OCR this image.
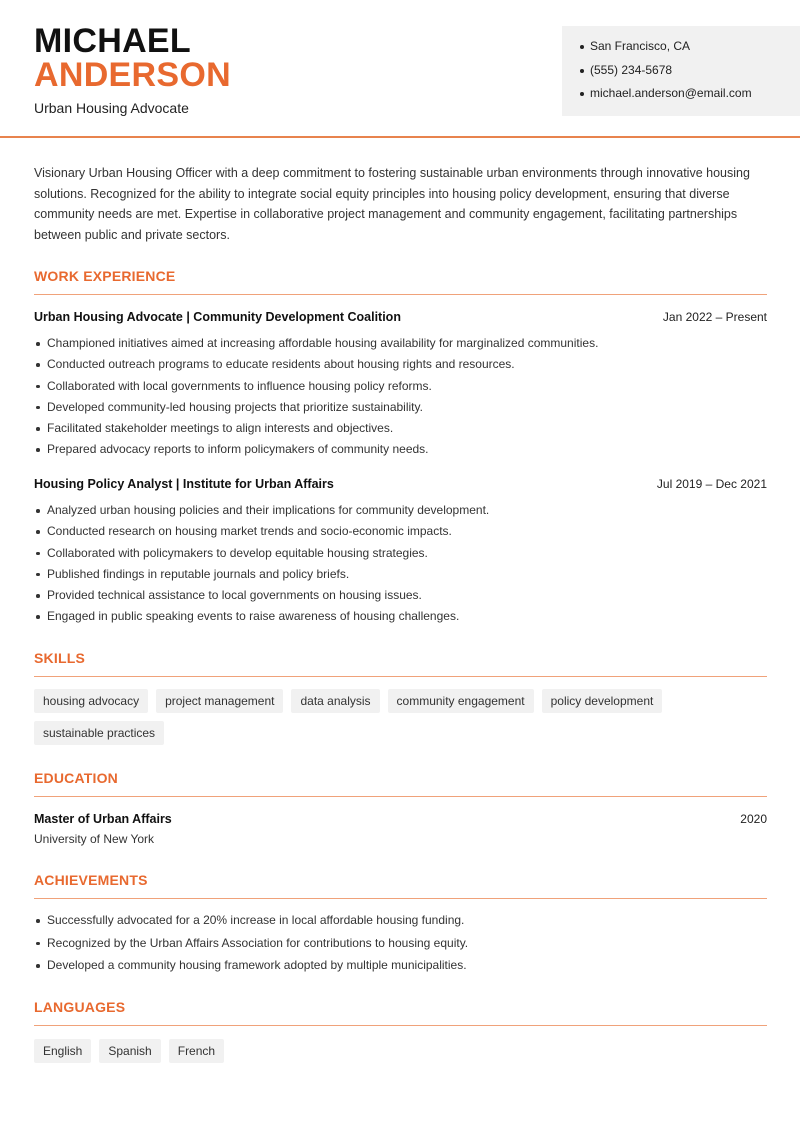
MICHAEL
ANDERSON
Urban Housing Advocate
San Francisco, CA
(555) 234-5678
michael.anderson@email.com

Visionary Urban Housing Officer with a deep commitment to fostering sustainable urban environments through innovative housing solutions. Recognized for the ability to integrate social equity principles into housing policy development, ensuring that diverse community needs are met. Expertise in collaborative project management and community engagement, facilitating partnerships between public and private sectors.

WORK EXPERIENCE
Urban Housing Advocate | Community Development Coalition	Jan 2022 – Present
Championed initiatives aimed at increasing affordable housing availability for marginalized communities.
Conducted outreach programs to educate residents about housing rights and resources.
Collaborated with local governments to influence housing policy reforms.
Developed community-led housing projects that prioritize sustainability.
Facilitated stakeholder meetings to align interests and objectives.
Prepared advocacy reports to inform policymakers of community needs.
Housing Policy Analyst | Institute for Urban Affairs	Jul 2019 – Dec 2021
Analyzed urban housing policies and their implications for community development.
Conducted research on housing market trends and socio-economic impacts.
Collaborated with policymakers to develop equitable housing strategies.
Published findings in reputable journals and policy briefs.
Provided technical assistance to local governments on housing issues.
Engaged in public speaking events to raise awareness of housing challenges.
SKILLS
housing advocacy	project management	data analysis	community engagement	policy development
sustainable practices
EDUCATION
Master of Urban Affairs	2020
University of New York
ACHIEVEMENTS
Successfully advocated for a 20% increase in local affordable housing funding.
Recognized by the Urban Affairs Association for contributions to housing equity.
Developed a community housing framework adopted by multiple municipalities.
LANGUAGES
English	Spanish	French
